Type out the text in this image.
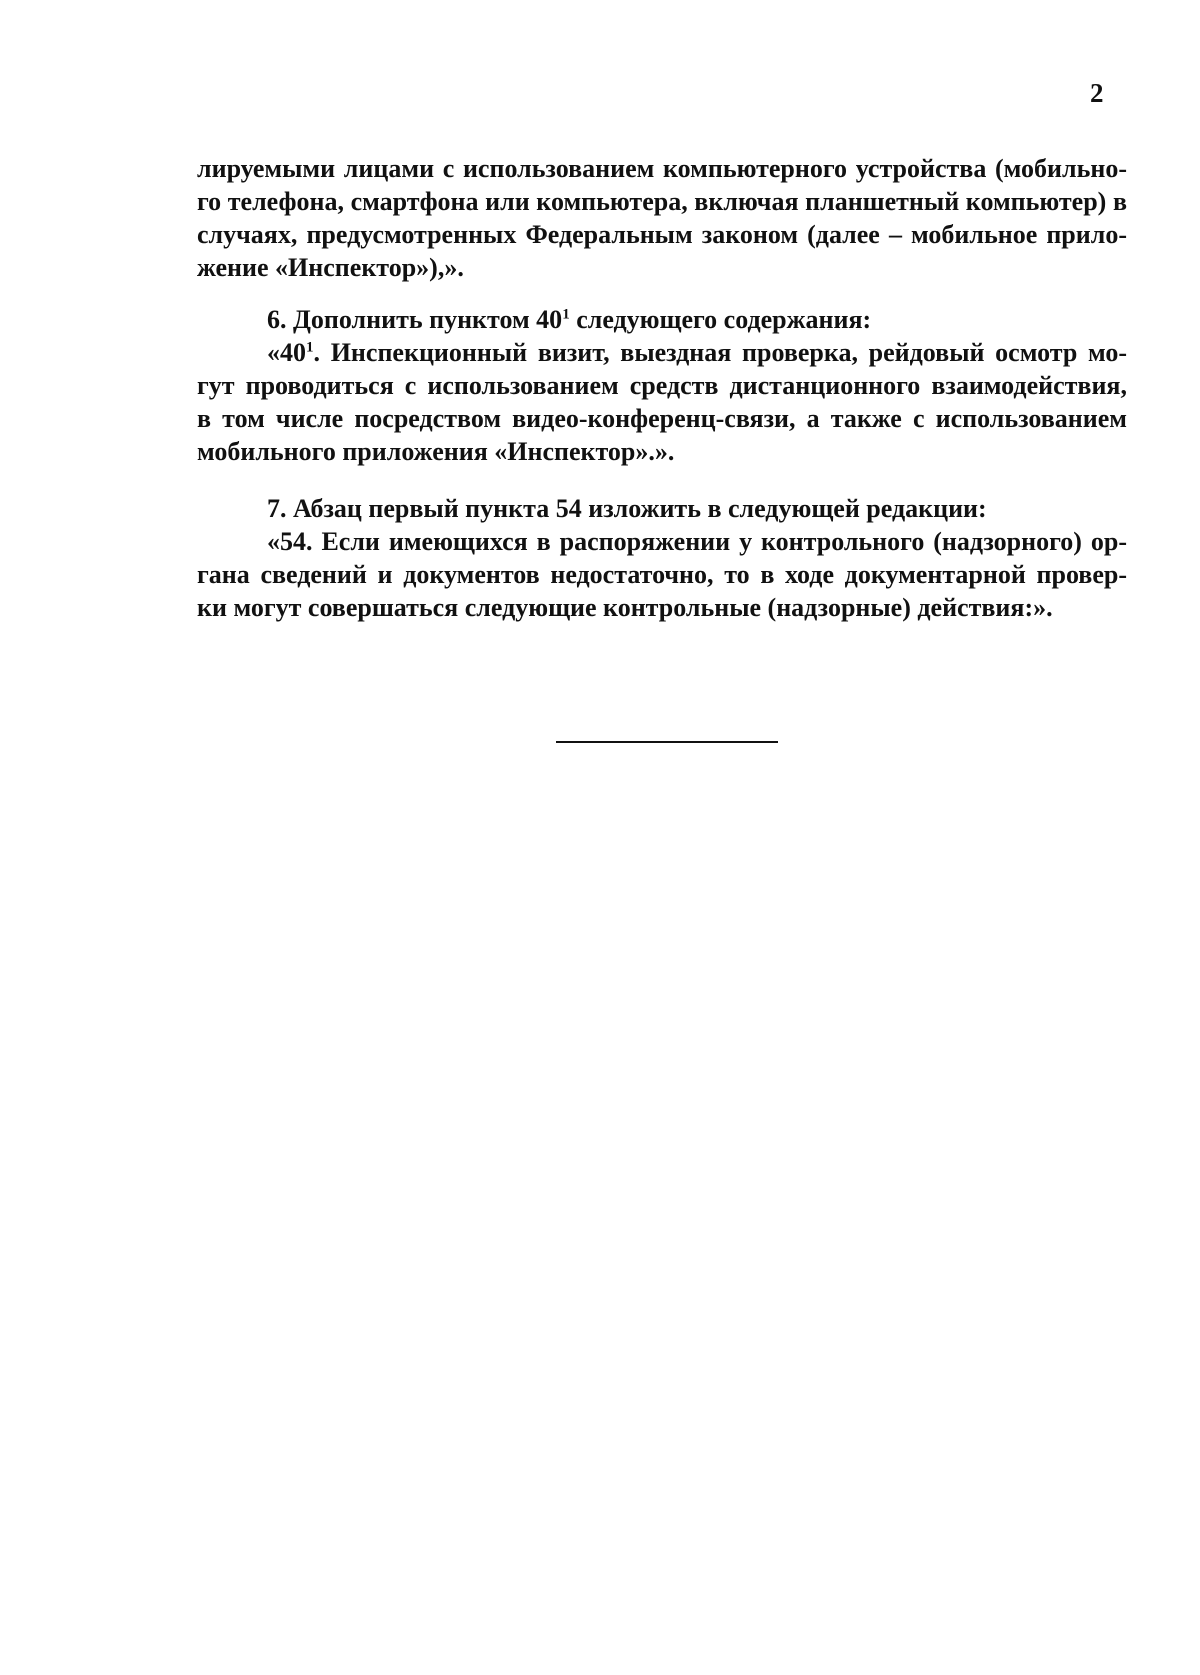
2
лируемыми лицами с использованием компьютерного устройства (мобильно-
го телефона, смартфона или компьютера, включая планшетный компьютер) в
случаях, предусмотренных Федеральным законом (далее – мобильное прило-
жение «Инспектор»),».
6. Дополнить пунктом $40^1$ следующего содержания:
«$40^1$. Инспекционный визит, выездная проверка, рейдовый осмотр мо-
гут проводиться с использованием средств дистанционного взаимодействия,
в том числе посредством видео-конференц-связи, а также с использованием
мобильного приложения «Инспектор».».
7. Абзац первый пункта 54 изложить в следующей редакции:
«54. Если имеющихся в распоряжении у контрольного (надзорного) ор-
гана сведений и документов недостаточно, то в ходе документарной провер-
ки могут совершаться следующие контрольные (надзорные) действия:».
